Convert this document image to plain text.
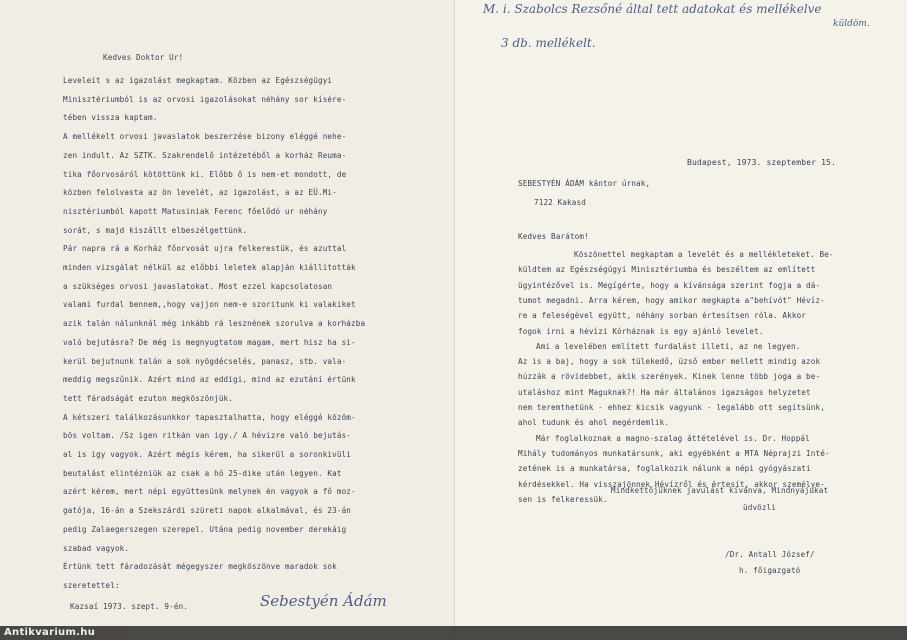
Kedves Doktor Ur!
Leveleit s az igazolást megkaptam. Közben az Egészségügyi
Minisztériumból is az orvosi igazolásokat néhány sor kísére-
tében vissza kaptam.
A mellékelt orvosi javaslatok beszerzése bizony eléggé nehe-
zen indult. Az SZTK. Szakrendelő intézetéből a korház Reuma-
tika főorvosáról kötöttünk ki. Előbb ő is nem-et mondott, de
közben felolvasta az ön levelét, az igazolást, a az EÜ.Mi-
nisztériumból kapott Matusiniak Ferenc főelődó ur néhány
sorát, s majd kiszállt elbeszélgettünk.
Pár napra rá a Korház főorvosát ujra felkerestük, és azuttal
minden vizsgálat nélkül az előbbi leletek alapján kiállították
a szükséges orvosi javaslatokat. Most ezzel kapcsolatosan
valami furdal bennem,,hogy vajjon nem-e szoritunk ki valakiket
azik talán nálunknál még inkább rá lesznének szorulva a korházba
való bejutásra? De még is megnyugtatom magam, mert hisz ha si-
kerül bejutnunk talán a sok nyögdécselés, panasz, stb. vala-
meddig megszűnik. Azért mind az eddigi, mind az ezutáni értünk
tett fáradságát ezuton megköszönjük.
A kétszeri találkozásunkkor tapasztalhatta, hogy eléggé közöm-
bös voltam. /Sz igen ritkán van igy./ A hévizre való bejutás-
al is igy vagyok. Azért mégis kérem, ha sikerül a soronkivüli
beutalást elintézniük az csak a hó 25-dike után legyen. Kat
azért kérem, mert népi együttesünk melynek én vagyok a fő moz-
gatója, 16-án a Szekszárdi szüreti napok alkalmával, és 23-án
pedig Zalaegerszegen szerepel. Utána pedig november derekáig
szabad vagyok.
Értünk tett fáradozását mégegyszer megköszönve maradok sok
szeretettel:
Kazsaí 1973. szept. 9-én.	Sebestyén Ádám
M. i. Szabolcs Rezsőné által tett adatokat és mellékelve
küldöm.
3 db. mellékelt.
Budapest, 1973. szeptember 15.
SEBESTYÉN ÁDÁM kántor úrnak,
7122 Kakasd
Kedves Barátom!
Köszönettel megkaptam a levelét és a mellékleteket. Be-
küldtem az Egészségügyi Minisztériumba és beszéltem az említett
ügyintézővel is. Megígérte, hogy a kívánsága szerint fogja a dá-
tumot megadni. Arra kérem, hogy amikor megkapta a"behívót" Hévíz-
re a feleségével együtt, néhány sorban értesítsen róla. Akkor
fogok írni a hévízi Kórháznak is egy ajánló levelet.
Ami a levelében említett furdalást illeti, az ne legyen.
Az is a baj, hogy a sok tülekedő, üzső ember mellett mindig azok
húzzák a rövidebbet, akik szerények. Kinek lenne több joga a be-
utaláshoz mint Maguknak?! Ha már általános igazságos helyzetet
nem teremthetünk - ehhez kicsik vagyunk - legalább ott segítsünk,
ahol tudunk és ahol megérdemlik.
Már foglalkoznak a magno-szalag áttételével is. Dr. Hoppál
Mihály tudományos munkatársunk, aki egyébként a MTA Néprajzi Inté-
zetének is a munkatársa, foglalkozik nálunk a népi gyógyászati
kérdésekkel. Ha visszajönnek Hévízről és értesít, akkor személye-
sen is felkeressük.
Mindkettőjüknek javulást kívánva, Mindnyájukat
üdvözli
/Dr. Antall József/
h. főigazgató
Antikvarium.hu
